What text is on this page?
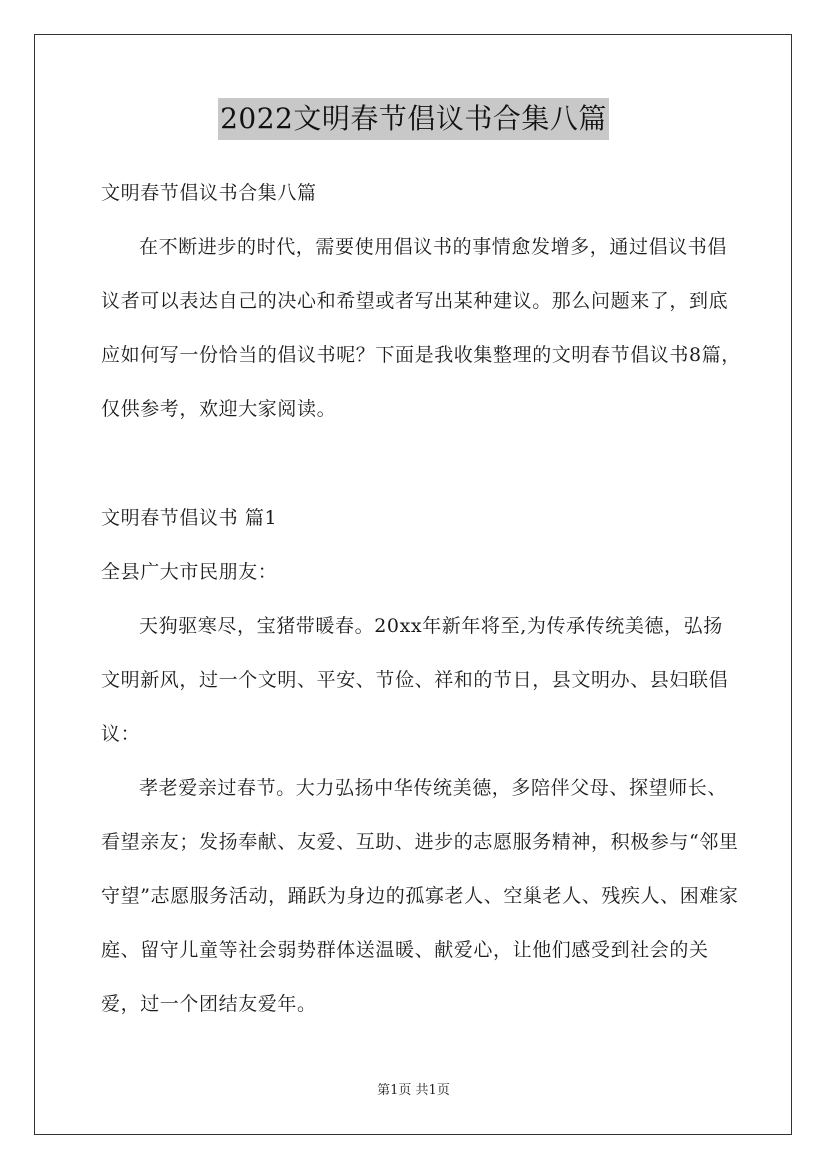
2022文明春节倡议书合集八篇

文明春节倡议书合集八篇

在不断进步的时代，需要使用倡议书的事情愈发增多，通过倡议书倡议者可以表达自己的决心和希望或者写出某种建议。那么问题来了，到底应如何写一份恰当的倡议书呢？下面是我收集整理的文明春节倡议书8篇，仅供参考，欢迎大家阅读。

文明春节倡议书 篇1

全县广大市民朋友：

天狗驱寒尽，宝猪带暖春。20xx年新年将至,为传承传统美德，弘扬文明新风，过一个文明、平安、节俭、祥和的节日，县文明办、县妇联倡议：

孝老爱亲过春节。大力弘扬中华传统美德，多陪伴父母、探望师长、看望亲友；发扬奉献、友爱、互助、进步的志愿服务精神，积极参与“邻里守望”志愿服务活动，踊跃为身边的孤寡老人、空巢老人、残疾人、困难家庭、留守儿童等社会弱势群体送温暖、献爱心，让他们感受到社会的关爱，过一个团结友爱年。

第1页 共1页
